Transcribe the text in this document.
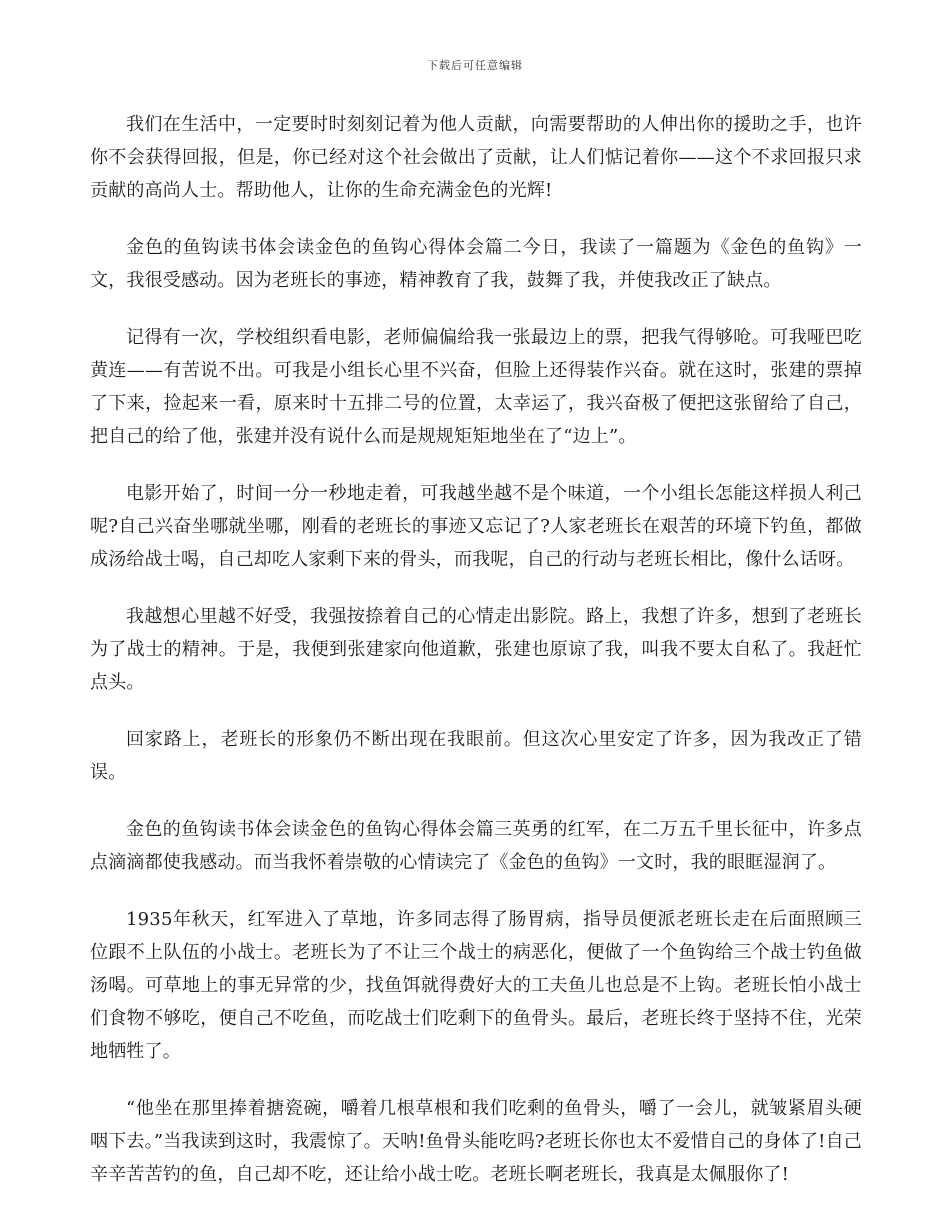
下载后可任意编辑

我们在生活中，一定要时时刻刻记着为他人贡献，向需要帮助的人伸出你的援助之手，也许你不会获得回报，但是，你已经对这个社会做出了贡献，让人们惦记着你——这个不求回报只求贡献的高尚人士。帮助他人，让你的生命充满金色的光辉!

金色的鱼钩读书体会读金色的鱼钩心得体会篇二今日，我读了一篇题为《金色的鱼钩》一文，我很受感动。因为老班长的事迹，精神教育了我，鼓舞了我，并使我改正了缺点。

记得有一次，学校组织看电影，老师偏偏给我一张最边上的票，把我气得够呛。可我哑巴吃黄连——有苦说不出。可我是小组长心里不兴奋，但脸上还得装作兴奋。就在这时，张建的票掉了下来，捡起来一看，原来时十五排二号的位置，太幸运了，我兴奋极了便把这张留给了自己，把自己的给了他，张建并没有说什么而是规规矩矩地坐在了“边上”。

电影开始了，时间一分一秒地走着，可我越坐越不是个味道，一个小组长怎能这样损人利己呢?自己兴奋坐哪就坐哪，刚看的老班长的事迹又忘记了?人家老班长在艰苦的环境下钓鱼，都做成汤给战士喝，自己却吃人家剩下来的骨头，而我呢，自己的行动与老班长相比，像什么话呀。

我越想心里越不好受，我强按捺着自己的心情走出影院。路上，我想了许多，想到了老班长为了战士的精神。于是，我便到张建家向他道歉，张建也原谅了我，叫我不要太自私了。我赶忙点头。

回家路上，老班长的形象仍不断出现在我眼前。但这次心里安定了许多，因为我改正了错误。

金色的鱼钩读书体会读金色的鱼钩心得体会篇三英勇的红军，在二万五千里长征中，许多点点滴滴都使我感动。而当我怀着崇敬的心情读完了《金色的鱼钩》一文时，我的眼眶湿润了。

1935年秋天，红军进入了草地，许多同志得了肠胃病，指导员便派老班长走在后面照顾三位跟不上队伍的小战士。老班长为了不让三个战士的病恶化，便做了一个鱼钩给三个战士钓鱼做汤喝。可草地上的事无异常的少，找鱼饵就得费好大的工夫鱼儿也总是不上钩。老班长怕小战士们食物不够吃，便自己不吃鱼，而吃战士们吃剩下的鱼骨头。最后，老班长终于坚持不住，光荣地牺牲了。

“他坐在那里捧着搪瓷碗，嚼着几根草根和我们吃剩的鱼骨头，嚼了一会儿，就皱紧眉头硬咽下去。”当我读到这时，我震惊了。天呐!鱼骨头能吃吗?老班长你也太不爱惜自己的身体了!自己辛辛苦苦钓的鱼，自己却不吃，还让给小战士吃。老班长啊老班长，我真是太佩服你了!
